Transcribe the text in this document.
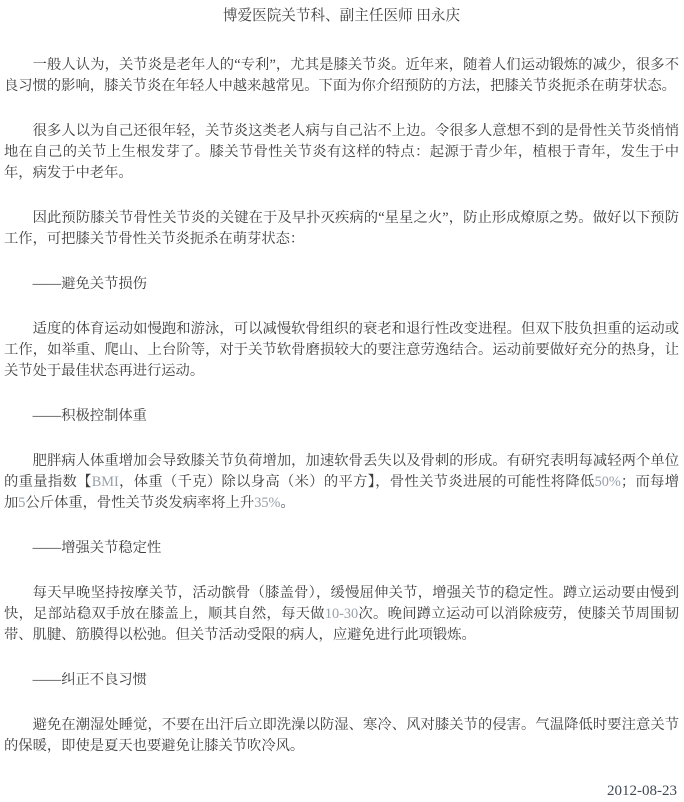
博爱医院关节科、副主任医师 田永庆

一般人认为，关节炎是老年人的“专利”，尤其是膝关节炎。近年来，随着人们运动锻炼的减少，很多不良习惯的影响，膝关节炎在年轻人中越来越常见。下面为你介绍预防的方法，把膝关节炎扼杀在萌芽状态。

很多人以为自己还很年轻，关节炎这类老人病与自己沾不上边。令很多人意想不到的是骨性关节炎悄悄地在自己的关节上生根发芽了。膝关节骨性关节炎有这样的特点：起源于青少年，植根于青年，发生于中年，病发于中老年。

因此预防膝关节骨性关节炎的关键在于及早扑灭疾病的“星星之火”，防止形成燎原之势。做好以下预防工作，可把膝关节骨性关节炎扼杀在萌芽状态：

——避免关节损伤

适度的体育运动如慢跑和游泳，可以减慢软骨组织的衰老和退行性改变进程。但双下肢负担重的运动或工作，如举重、爬山、上台阶等，对于关节软骨磨损较大的要注意劳逸结合。运动前要做好充分的热身，让关节处于最佳状态再进行运动。

——积极控制体重

肥胖病人体重增加会导致膝关节负荷增加，加速软骨丢失以及骨刺的形成。有研究表明每减轻两个单位的重量指数【BMI，体重（千克）除以身高（米）的平方】，骨性关节炎进展的可能性将降低50%；而每增加5公斤体重，骨性关节炎发病率将上升35%。

——增强关节稳定性

每天早晚坚持按摩关节，活动髌骨（膝盖骨），缓慢屈伸关节，增强关节的稳定性。蹲立运动要由慢到快，足部站稳双手放在膝盖上，顺其自然，每天做10-30次。晚间蹲立运动可以消除疲劳，使膝关节周围韧带、肌腱、筋膜得以松弛。但关节活动受限的病人，应避免进行此项锻炼。

——纠正不良习惯

避免在潮湿处睡觉，不要在出汗后立即洗澡以防湿、寒冷、风对膝关节的侵害。气温降低时要注意关节的保暖，即使是夏天也要避免让膝关节吹冷风。

2012-08-23
